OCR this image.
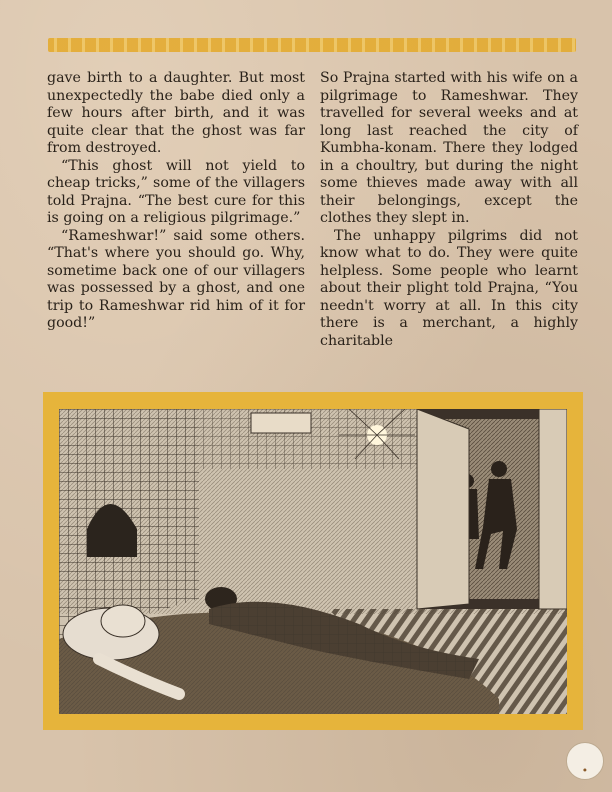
gave birth to a daughter. But most unexpectedly the babe died only a few hours after birth, and it was quite clear that the ghost was far from destroyed.

“This ghost will not yield to cheap tricks,” some of the villagers told Prajna. “The best cure for this is going on a religious pilgrimage.”

“Rameshwar!” said some others. “That's where you should go. Why, sometime back one of our villagers was possessed by a ghost, and one trip to Rameshwar rid him of it for good!”

So Prajna started with his wife on a pilgrimage to Rameshwar. They travelled for several weeks and at long last reached the city of Kumbha-konam. There they lodged in a choultry, but during the night some thieves made away with all their belongings, except the clothes they slept in.

The unhappy pilgrims did not know what to do. They were quite helpless. Some people who learnt about their plight told Prajna, “You needn't worry at all. In this city there is a merchant, a highly charitable

●
